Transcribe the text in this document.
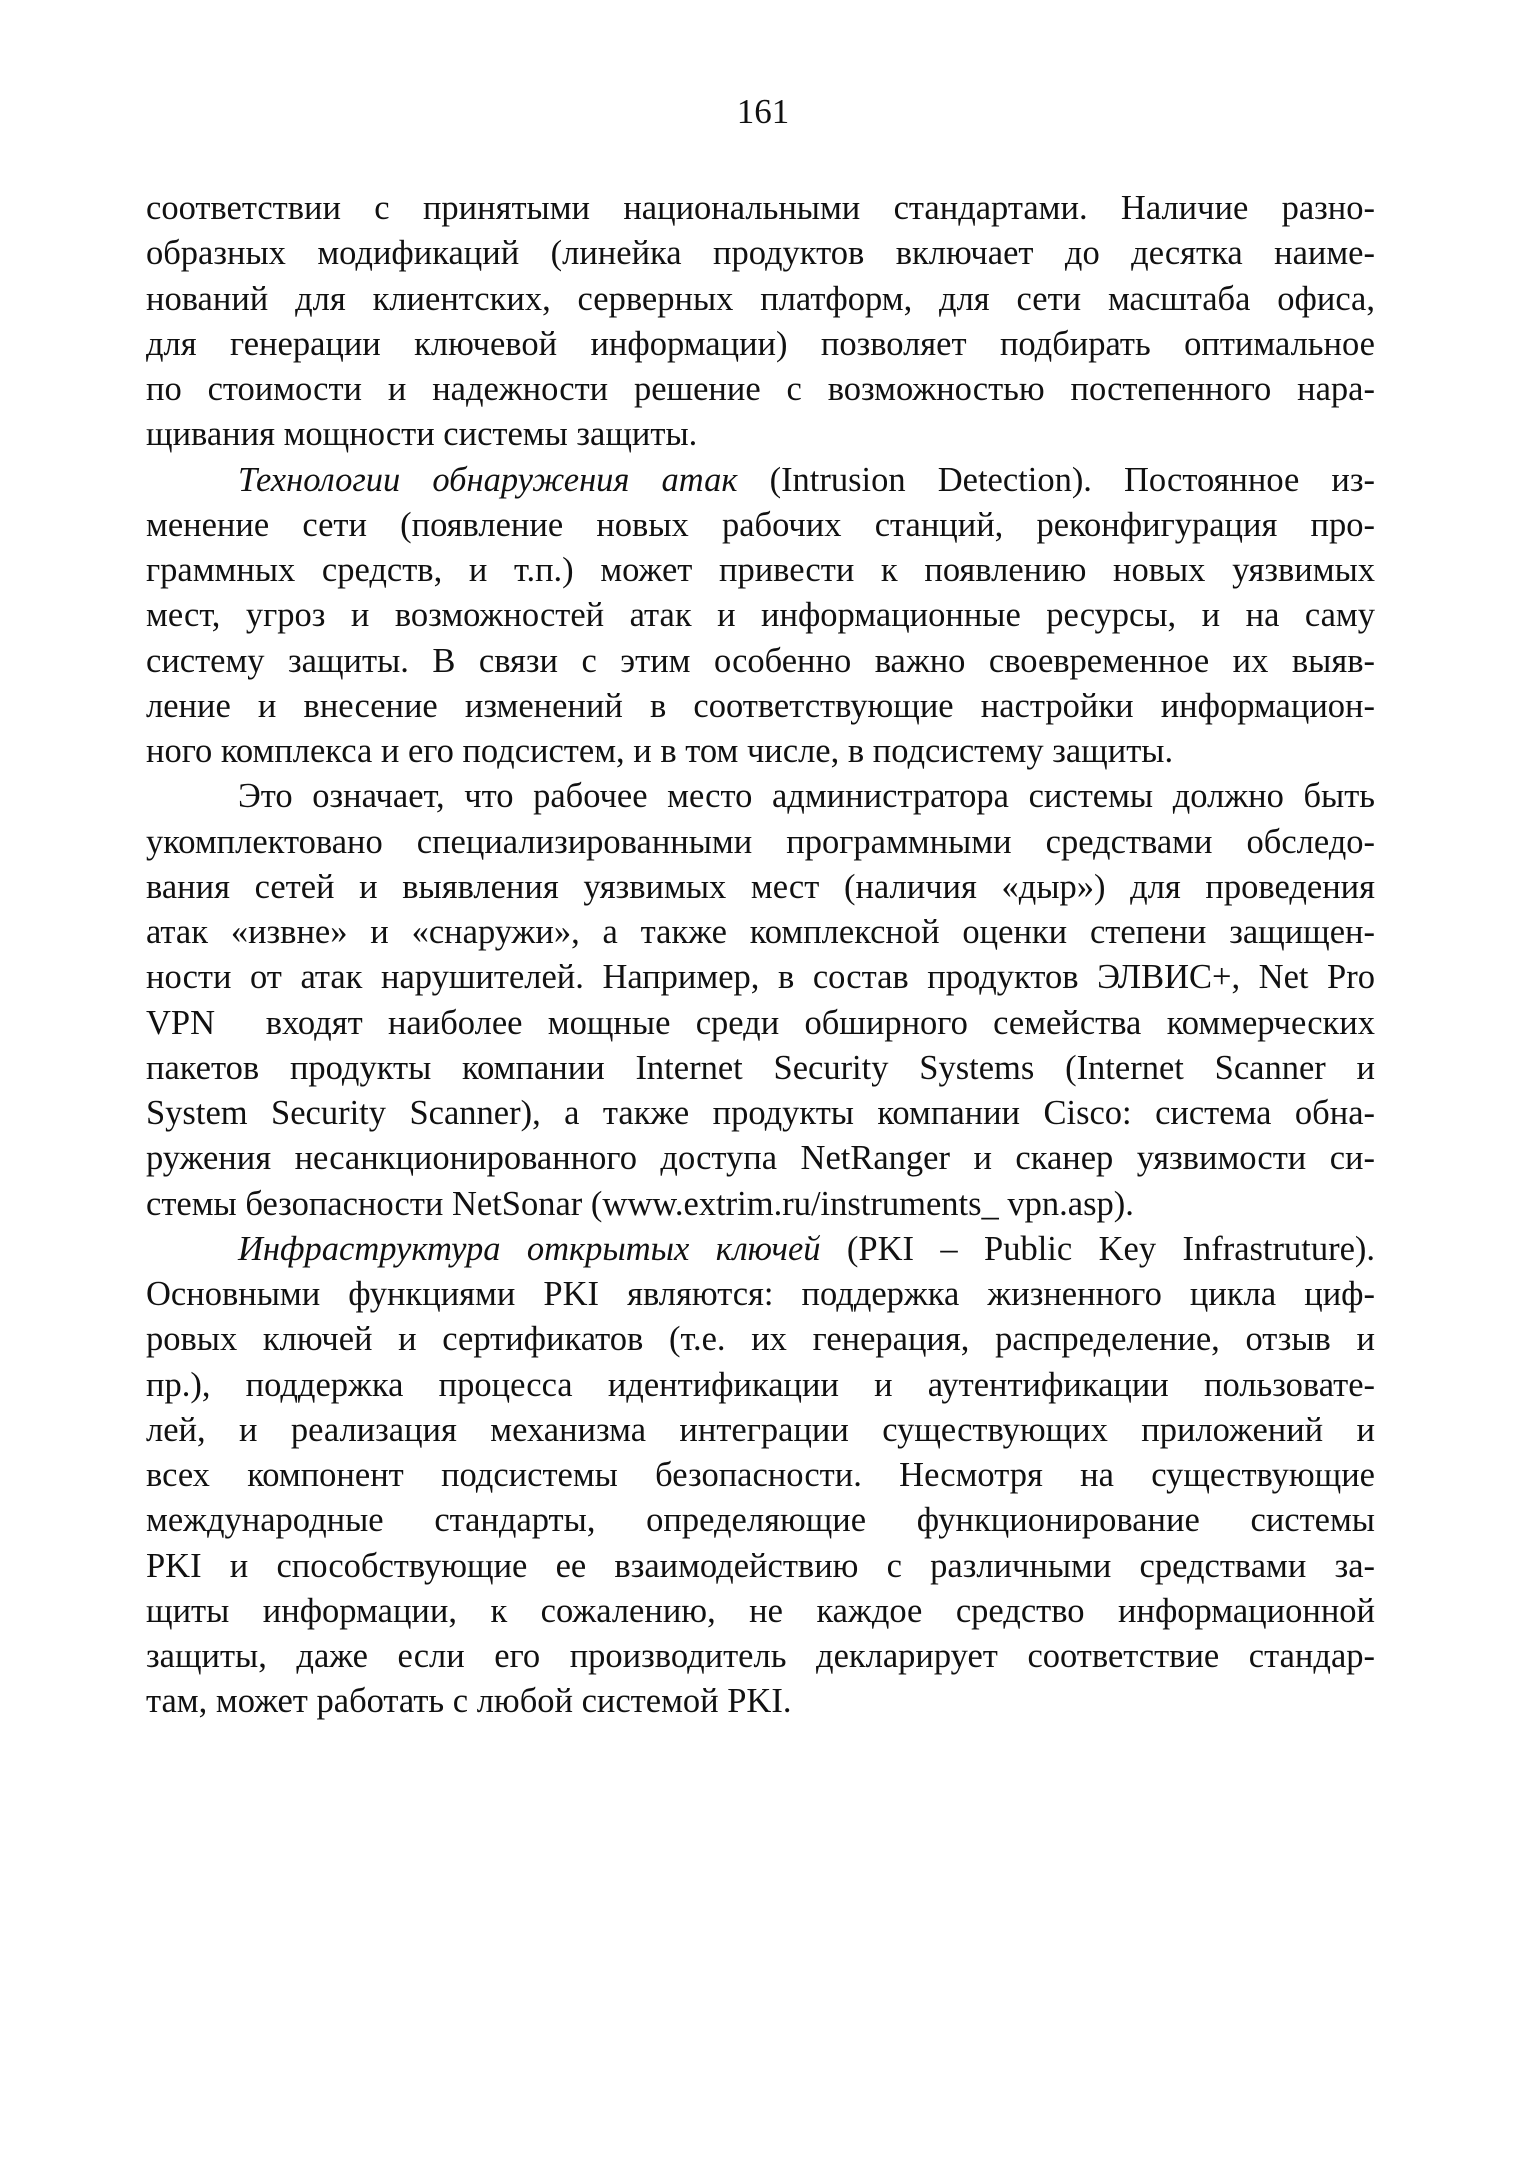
161
соответствии с принятыми национальными стандартами. Наличие разно-
образных модификаций (линейка продуктов включает до десятка наиме-
нований для клиентских, серверных платформ, для сети масштаба офиса,
для генерации ключевой информации) позволяет подбирать оптимальное
по стоимости и надежности решение с возможностью постепенного нара-
щивания мощности системы защиты.
Технологии обнаружения атак (Intrusion Detection). Постоянное из-
менение сети (появление новых рабочих станций, реконфигурация про-
граммных средств, и т.п.) может привести к появлению новых уязвимых
мест, угроз и возможностей атак и информационные ресурсы, и на саму
систему защиты. В связи с этим особенно важно своевременное их выяв-
ление и внесение изменений в соответствующие настройки информацион-
ного комплекса и его подсистем, и в том числе, в подсистему защиты.
Это означает, что рабочее место администратора системы должно быть
укомплектовано специализированными программными средствами обследо-
вания сетей и выявления уязвимых мест (наличия «дыр») для проведения
атак «извне» и «снаружи», а также комплексной оценки степени защищен-
ности от атак нарушителей. Например, в состав продуктов ЭЛВИС+, Net Pro
VPN  входят наиболее мощные среди обширного семейства коммерческих
пакетов продукты компании Internet Security Systems (Internet Scanner и
System Security Scanner), а также продукты компании Cisco: система обна-
ружения несанкционированного доступа NetRanger и сканер уязвимости си-
стемы безопасности NetSonar (www.extrim.ru/instruments_ vpn.asp).
Инфраструктура открытых ключей (PKI – Public Key Infrastruture).
Основными функциями PKI являются: поддержка жизненного цикла циф-
ровых ключей и сертификатов (т.е. их генерация, распределение, отзыв и
пр.), поддержка процесса идентификации и аутентификации пользовате-
лей, и реализация механизма интеграции существующих приложений и
всех компонент подсистемы безопасности. Несмотря на существующие
международные стандарты, определяющие функционирование системы
PKI и способствующие ее взаимодействию с различными средствами за-
щиты информации, к сожалению, не каждое средство информационной
защиты, даже если его производитель декларирует соответствие стандар-
там, может работать с любой системой PKI.
